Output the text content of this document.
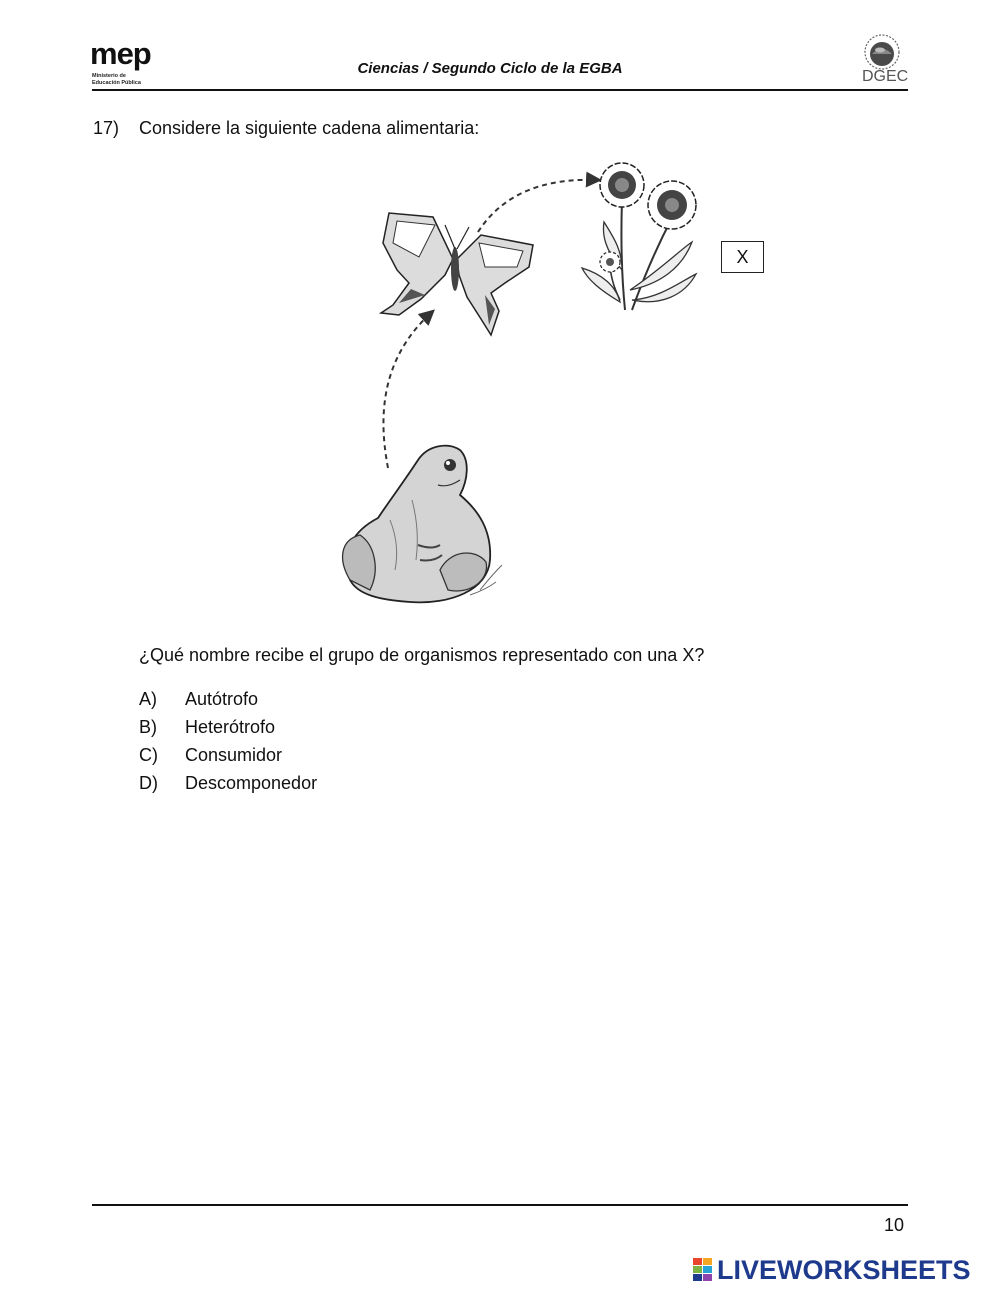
mep
Ministerio de
Educación Pública
Ciencias / Segundo Ciclo de la EGBA	DGEC
17) Considere la siguiente cadena alimentaria:
X
¿Qué nombre recibe el grupo de organismos representado con una X?
A) Autótrofo
B) Heterótrofo
C) Consumidor
D) Descomponedor
10
LIVEWORKSHEETS
